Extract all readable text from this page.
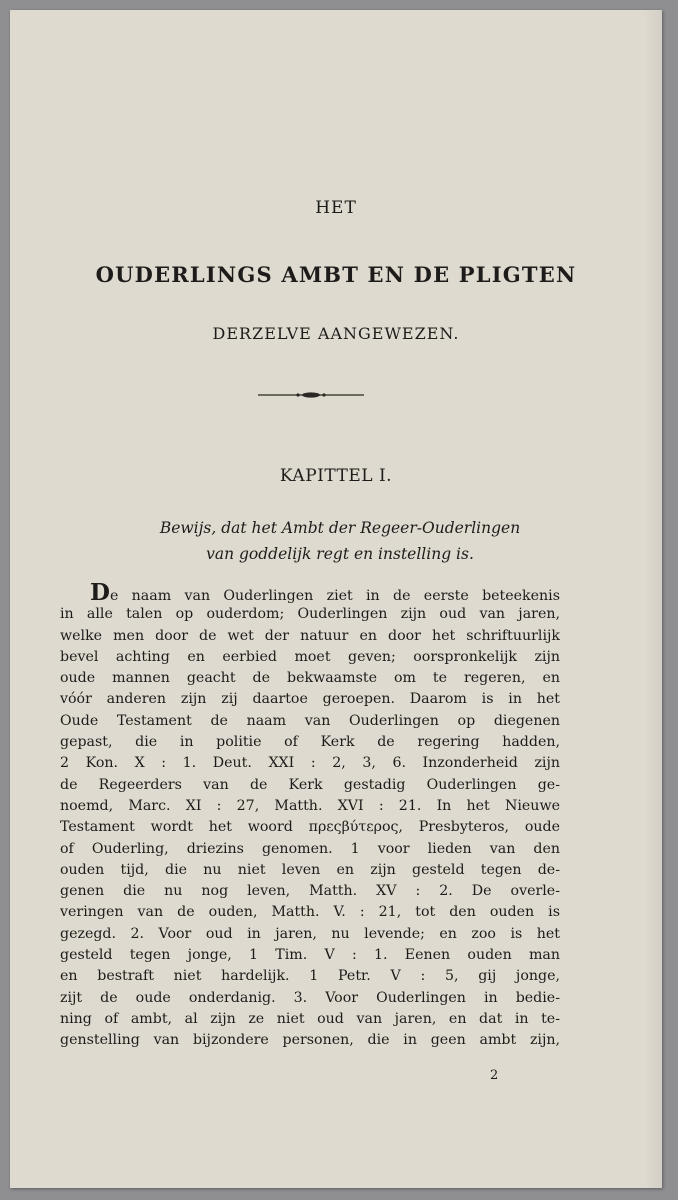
HET
OUDERLINGS AMBT EN DE PLIGTEN
DERZELVE AANGEWEZEN.
KAPITTEL I.
Bewijs, dat het Ambt der Regeer-Ouderlingen
van goddelijk regt en instelling is.
De naam van Ouderlingen ziet in de eerste beteekenis
in alle talen op ouderdom; Ouderlingen zijn oud van jaren,
welke men door de wet der natuur en door het schriftuurlijk
bevel achting en eerbied moet geven; oorspronkelijk zijn
oude mannen geacht de bekwaamste om te regeren, en
vóór anderen zijn zij daartoe geroepen. Daarom is in het
Oude Testament de naam van Ouderlingen op diegenen
gepast, die in politie of Kerk de regering hadden,
2 Kon. X : 1. Deut. XXI : 2, 3, 6. Inzonderheid zijn
de Regeerders van de Kerk gestadig Ouderlingen ge-
noemd, Marc. XI : 27, Matth. XVI : 21. In het Nieuwe
Testament wordt het woord πρεςβύτερος, Presbyteros, oude
of Ouderling, driezins genomen. 1 voor lieden van den
ouden tijd, die nu niet leven en zijn gesteld tegen de-
genen die nu nog leven, Matth. XV : 2. De overle-
veringen van de ouden, Matth. V. : 21, tot den ouden is
gezegd. 2. Voor oud in jaren, nu levende; en zoo is het
gesteld tegen jonge, 1 Tim. V : 1. Eenen ouden man
en bestraft niet hardelijk. 1 Petr. V : 5, gij jonge,
zijt de oude onderdanig. 3. Voor Ouderlingen in bedie-
ning of ambt, al zijn ze niet oud van jaren, en dat in te-
genstelling van bijzondere personen, die in geen ambt zijn,
2
